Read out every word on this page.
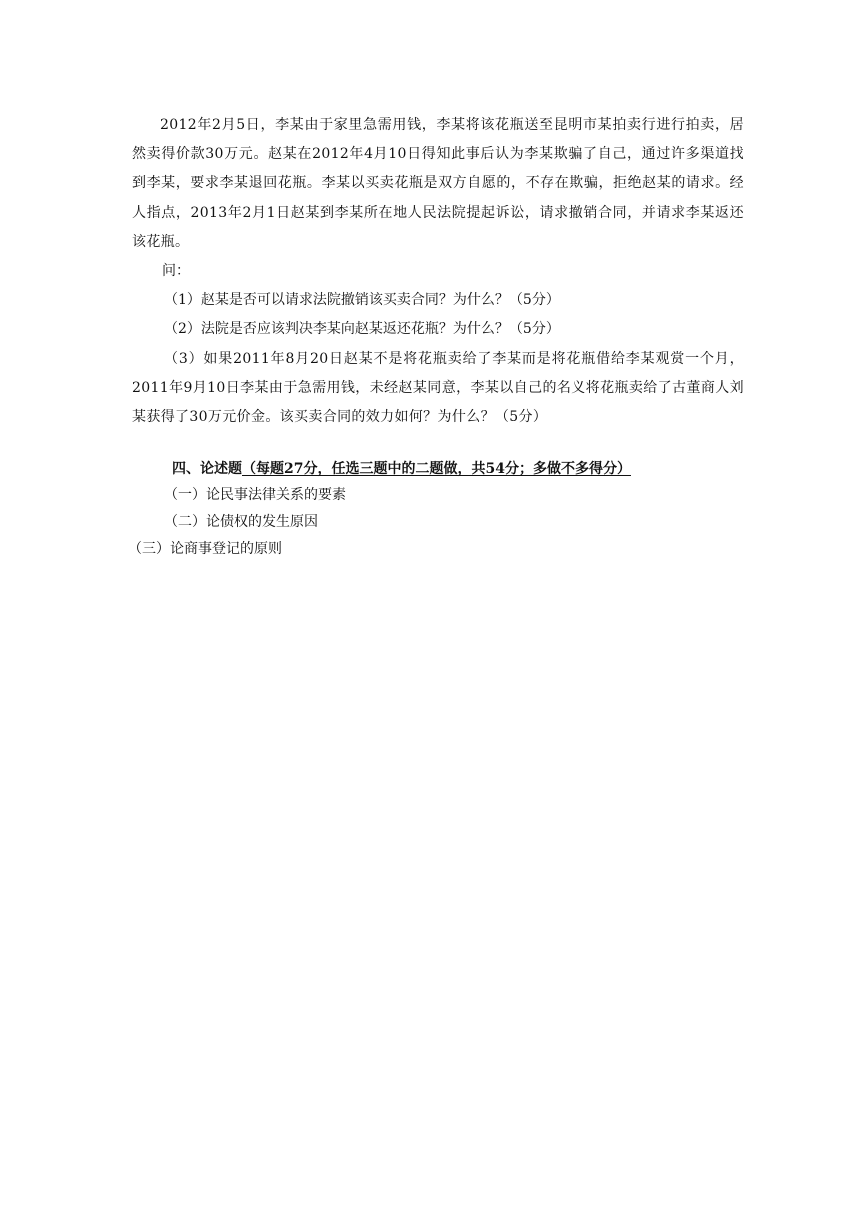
2012年2月5日，李某由于家里急需用钱，李某将该花瓶送至昆明市某拍卖行进行拍卖，居然卖得价款30万元。赵某在2012年4月10日得知此事后认为李某欺骗了自己，通过许多渠道找到李某，要求李某退回花瓶。李某以买卖花瓶是双方自愿的，不存在欺骗，拒绝赵某的请求。经人指点，2013年2月1日赵某到李某所在地人民法院提起诉讼，请求撤销合同，并请求李某返还该花瓶。

问：

（1）赵某是否可以请求法院撤销该买卖合同？为什么？（5分）

（2）法院是否应该判决李某向赵某返还花瓶？为什么？（5分）

（3）如果2011年8月20日赵某不是将花瓶卖给了李某而是将花瓶借给李某观赏一个月，2011年9月10日李某由于急需用钱，未经赵某同意，李某以自己的名义将花瓶卖给了古董商人刘某获得了30万元价金。该买卖合同的效力如何？为什么？（5分）

四、论述题（每题27分，任选三题中的二题做，共54分；多做不多得分）

（一）论民事法律关系的要素

（二）论债权的发生原因

（三）论商事登记的原则
